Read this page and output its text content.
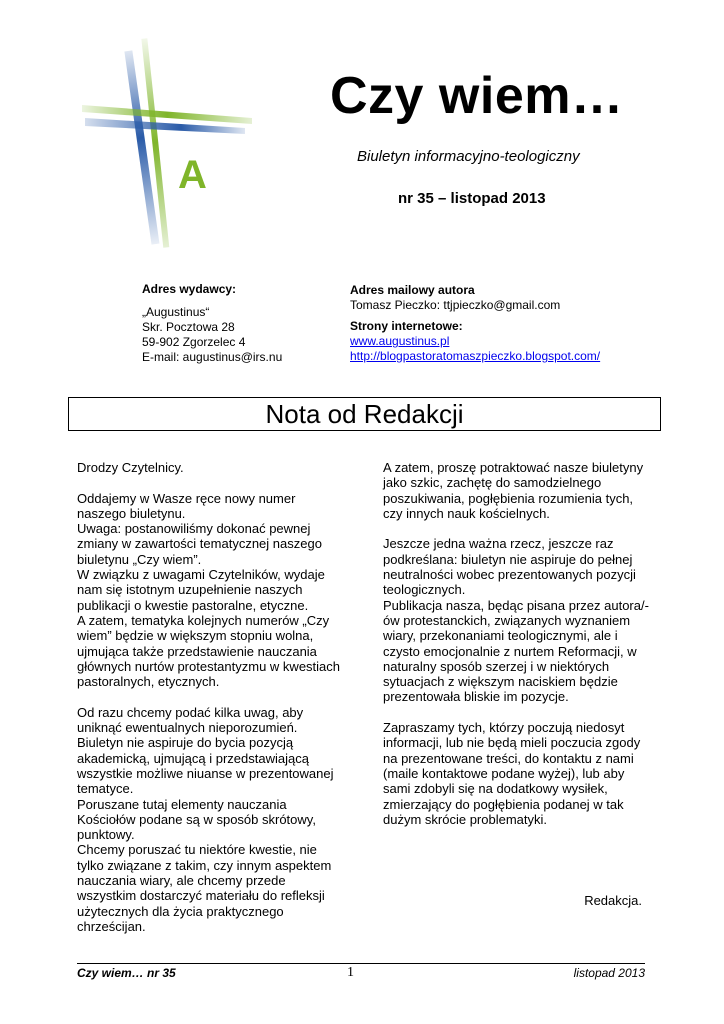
A
Czy wiem…
Biuletyn informacyjno-teologiczny
nr 35 – listopad 2013
Adres wydawcy:
„Augustinus“
Skr. Pocztowa 28
59-902 Zgorzelec 4
E-mail: augustinus@irs.nu
Adres mailowy autora
Tomasz Pieczko: ttjpieczko@gmail.com
Strony internetowe:
www.augustinus.pl
http://blogpastoratomaszpieczko.blogspot.com/
Nota od Redakcji

Drodzy Czytelnicy.

Oddajemy w Wasze ręce nowy numer naszego biuletynu.

Uwaga: postanowiliśmy dokonać pewnej zmiany w zawartości tematycznej naszego biuletynu „Czy wiem”.

W związku z uwagami Czytelników, wydaje nam się istotnym uzupełnienie naszych publikacji o kwestie pastoralne, etyczne.

A zatem, tematyka kolejnych numerów „Czy wiem” będzie w większym stopniu wolna, ujmująca także przedstawienie nauczania głównych nurtów protestantyzmu w kwestiach pastoralnych, etycznych.

Od razu chcemy podać kilka uwag, aby uniknąć ewentualnych nieporozumień.

Biuletyn nie aspiruje do bycia pozycją akademicką, ujmującą i przedstawiającą wszystkie możliwe niuanse w prezentowanej tematyce.

Poruszane tutaj elementy nauczania Kościołów podane są w sposób skrótowy, punktowy.

Chcemy poruszać tu niektóre kwestie, nie tylko związane z takim, czy innym aspektem nauczania wiary, ale chcemy przede wszystkim dostarczyć materiału do refleksji użytecznych dla życia praktycznego chrześcijan.

A zatem, proszę potraktować nasze biuletyny jako szkic, zachętę do samodzielnego poszukiwania, pogłębienia rozumienia tych, czy innych nauk kościelnych.

Jeszcze jedna ważna rzecz, jeszcze raz podkreślana: biuletyn nie aspiruje do pełnej neutralności wobec prezentowanych pozycji teologicznych.

Publikacja nasza, będąc pisana przez autora/-ów protestanckich, związanych wyznaniem wiary, przekonaniami teologicznymi, ale i czysto emocjonalnie z nurtem Reformacji, w naturalny sposób szerzej i w niektórych sytuacjach z większym naciskiem będzie prezentowała bliskie im pozycje.

Zapraszamy tych, którzy poczują niedosyt informacji, lub nie będą mieli poczucia zgody na prezentowane treści, do kontaktu z nami (maile kontaktowe podane wyżej), lub aby sami zdobyli się na dodatkowy wysiłek, zmierzający do pogłębienia podanej w tak dużym skrócie problematyki.

Redakcja.
Czy wiem… nr 35	1	listopad 2013
